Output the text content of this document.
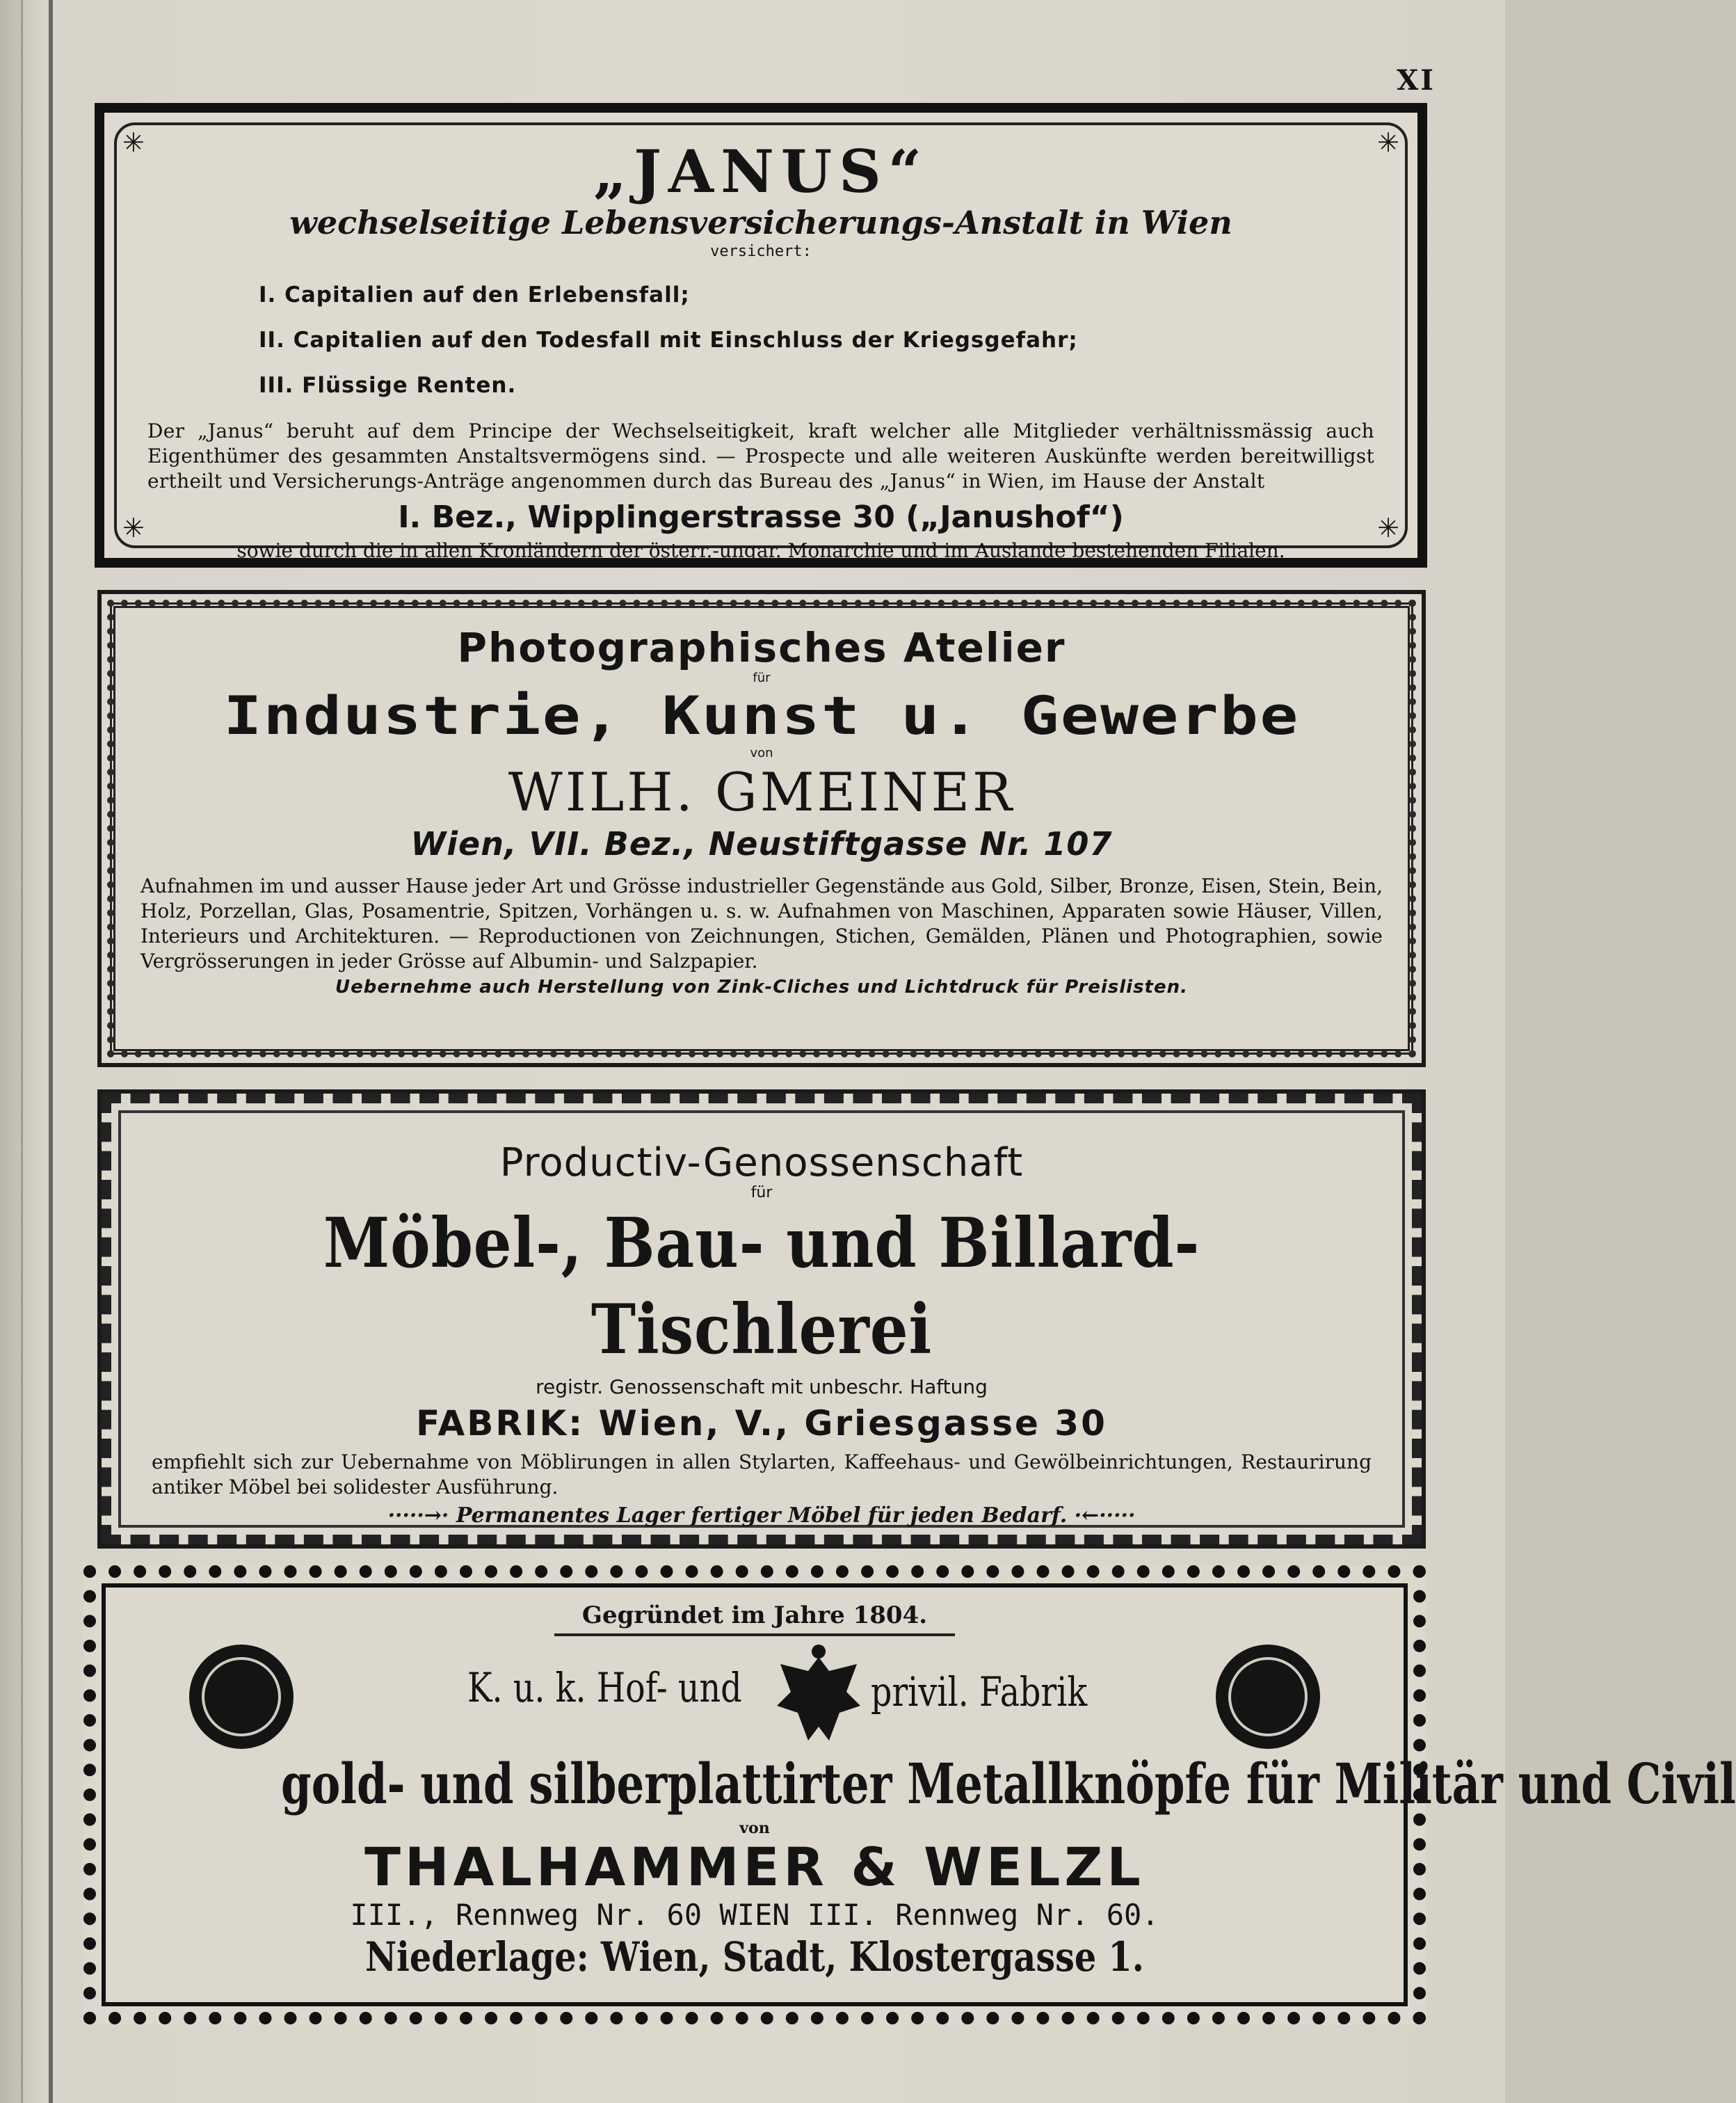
XI
✳	✳
✳	✳

„JANUS“

wechselseitige Lebensversicherungs-Anstalt in Wien

versichert:

I. Capitalien auf den Erlebensfall;

II. Capitalien auf den Todesfall mit Einschluss der Kriegsgefahr;

III. Flüssige Renten.

Der „Janus“ beruht auf dem Principe der Wechselseitigkeit, kraft welcher alle Mitglieder verhältnissmässig auch Eigenthümer des gesammten Anstaltsvermögens sind. — Prospecte und alle weiteren Auskünfte werden bereitwilligst ertheilt und Versicherungs-Anträge angenommen durch das Bureau des „Janus“ in Wien, im Hause der Anstalt

I. Bez., Wipplingerstrasse 30 („Janushof“)

sowie durch die in allen Kronländern der österr.-ungar. Monarchie und im Auslande bestehenden Filialen.

Photographisches Atelier

für

Industrie, Kunst u. Gewerbe

von

WILH. GMEINER

Wien, VII. Bez., Neustiftgasse Nr. 107

Aufnahmen im und ausser Hause jeder Art und Grösse industrieller Gegenstände aus Gold, Silber, Bronze, Eisen, Stein, Bein, Holz, Porzellan, Glas, Posamentrie, Spitzen, Vorhängen u. s. w. Aufnahmen von Maschinen, Apparaten sowie Häuser, Villen, Interieurs und Architekturen. — Reproductionen von Zeichnungen, Stichen, Gemälden, Plänen und Photographien, sowie Vergrösserungen in jeder Grösse auf Albumin- und Salzpapier.

Uebernehme auch Herstellung von Zink-Cliches und Lichtdruck für Preislisten.

Productiv-Genossenschaft

für

Möbel-, Bau- und Billard-Tischlerei

registr. Genossenschaft mit unbeschr. Haftung

FABRIK: Wien, V., Griesgasse 30

empfiehlt sich zur Uebernahme von Möblirungen in allen Stylarten, Kaffeehaus- und Gewölbeinrichtungen, Restaurirung antiker Möbel bei solidester Ausführung.

·····→· Permanentes Lager fertiger Möbel für jeden Bedarf. ·←·····

Gegründet im Jahre 1804.

K. u. k. Hof- und	privil. Fabrik

gold- und silberplattirter Metallknöpfe für Militär und Civil

von

THALHAMMER & WELZL

III., Rennweg Nr. 60 WIEN III. Rennweg Nr. 60.

Niederlage: Wien, Stadt, Klostergasse 1.
